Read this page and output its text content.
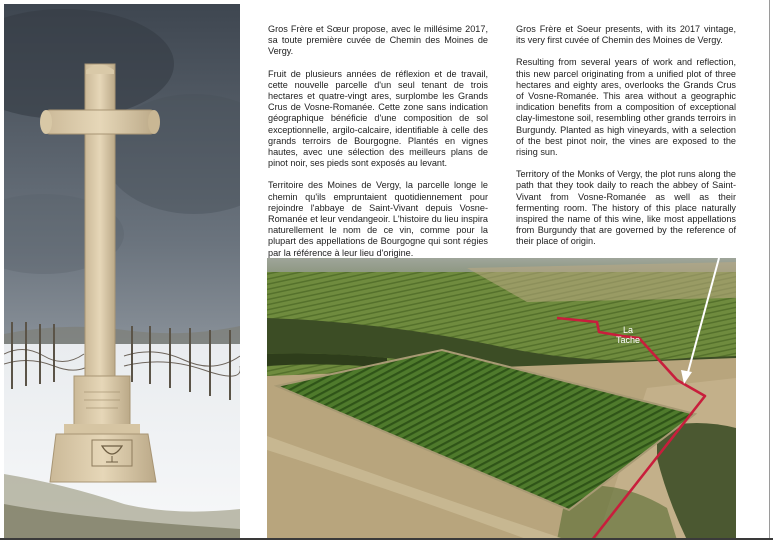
Gros Frère et Sœur propose, avec le millésime 2017, sa toute première cuvée de Chemin des Moines de Vergy.

Fruit de plusieurs années de réflexion et de travail, cette nouvelle parcelle d'un seul tenant de trois hectares et quatre-vingt ares, surplombe les Grands Crus de Vosne-Romanée. Cette zone sans indication géographique bénéficie d'une composition de sol exceptionnelle, argilo-calcaire, identifiable à celle des grands terroirs de Bourgogne. Plantés en vignes hautes, avec une sélection des meilleurs plans de pinot noir, ses pieds sont exposés au levant.

Territoire des Moines de Vergy, la parcelle longe le chemin qu'ils empruntaient quotidiennement pour rejoindre l'abbaye de Saint-Vivant depuis Vosne-Romanée et leur vendangeoir. L'histoire du lieu inspira naturellement le nom de ce vin, comme pour la plupart des appellations de Bourgogne qui sont régies par la référence à leur lieu d'origine.

Gros Frère et Soeur presents, with its 2017 vintage, its very first cuvée of Chemin des Moines de Vergy.

Resulting from several years of work and reflection, this new parcel originating from a unified plot of three hectares and eighty ares, overlooks the Grands Crus of Vosne-Romanée. This area without a geographic indication benefits from a composition of exceptional clay-limestone soil, resembling other grands terroirs in Burgundy. Planted as high vineyards, with a selection of the best pinot noir, the vines are exposed to the rising sun.

Territory of the Monks of Vergy, the plot runs along the path that they took daily to reach the abbey of Saint-Vivant from Vosne-Romanée as well as their fermenting room. The history of this place naturally inspired the name of this wine, like most appellations from Burgundy that are governed by the reference of their place of origin.

La Tache
